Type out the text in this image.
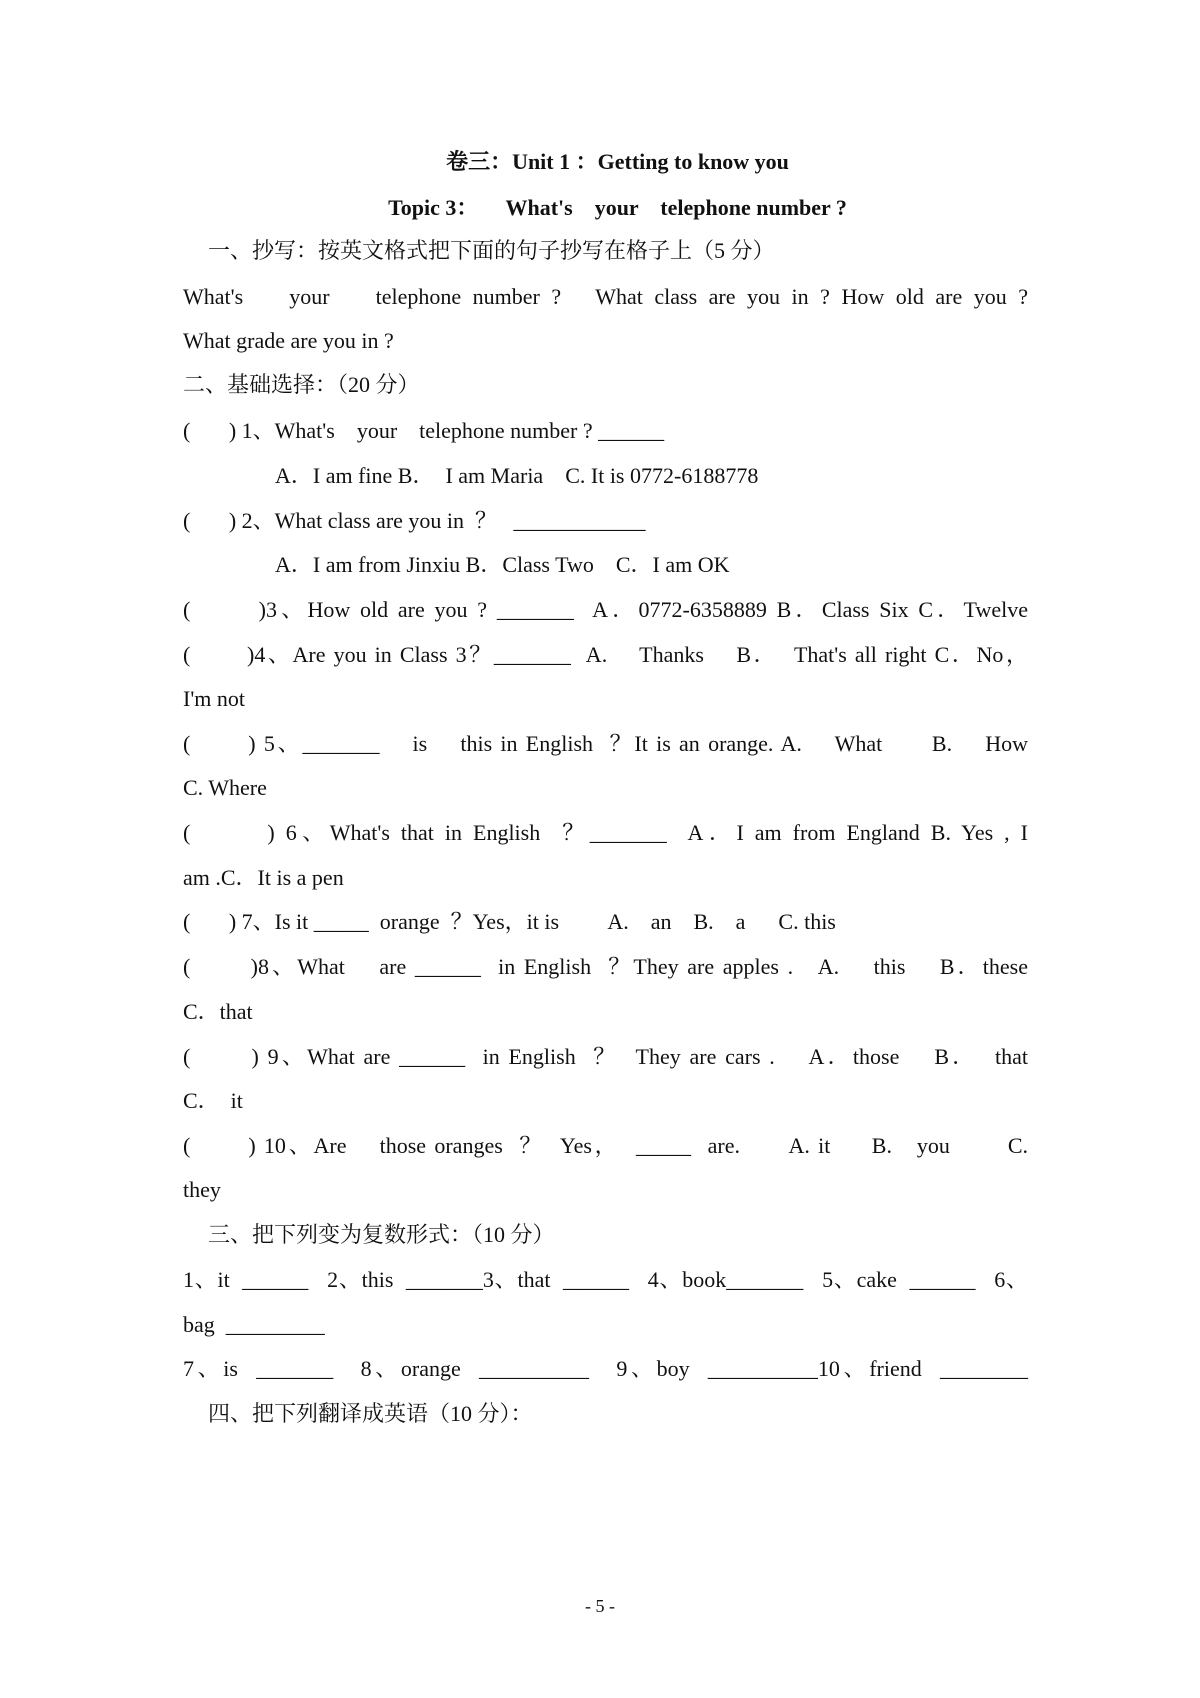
卷三：Unit 1 ：Getting to know you
Topic 3：     What's    your    telephone number ?
一、抄写：按英文格式把下面的句子抄写在格子上（5 分）
What's    your    telephone number ?   What class are you in ? How old are you ?
What grade are you in ?
二、基础选择：（20 分）
(       ) 1、What's    your    telephone number ? ______
A．I am fine B．  I am Maria    C. It is 0772-6188778
(       ) 2、What class are you in  ？   ____________
A．I am from Jinxiu B．Class Two    C．I am OK
(       )3、How old are you ? _______  A．0772-6358889 B．Class Six C．Twelve
(       )4、Are you in Class 3？_______  A.    Thanks    B．  That's all right C．No，
I'm not
(       ) 5、_______    is    this in English  ？It is an orange. A.    What      B.    How
C. Where
(       ) 6、What's that in English  ？_______  A．I am from England B. Yes , I
am .C．It is a pen
(       ) 7、Is it _____  orange  ？Yes，it is         A.    an    B.    a      C. this
(       )8、What    are ______  in English  ？They are apples .   A.    this    B．these
C．that
(       ) 9、What are ______  in English  ？  They are cars .    A．those    B．  that
C．  it
(       ) 10、Are    those oranges  ？  Yes，  _____  are.      A. it     B.   you       C.
they
三、把下列变为复数形式：（10 分）
1、it  ______   2、this  _______3、that  ______   4、book_______   5、cake  ______   6、
bag  _________
7、is  _______   8、orange  __________   9、boy  __________10、friend  ________
四、把下列翻译成英语（10 分）：
- 5 -
